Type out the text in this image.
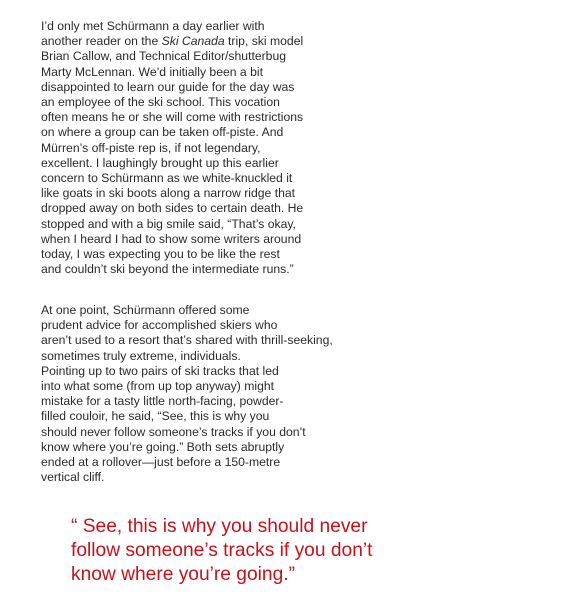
I’d only met Schürmann a day earlier with
another reader on the Ski Canada trip, ski model
Brian Callow, and Technical Editor/shutterbug
Marty McLennan. We’d initially been a bit
disappointed to learn our guide for the day was
an employee of the ski school. This vocation
often means he or she will come with restrictions
on where a group can be taken off-piste. And
Mürren’s off-piste rep is, if not legendary,
excellent. I laughingly brought up this earlier
concern to Schürmann as we white-knuckled it
like goats in ski boots along a narrow ridge that
dropped away on both sides to certain death. He
stopped and with a big smile said, “That’s okay,
when I heard I had to show some writers around
today, I was expecting you to be like the rest
and couldn’t ski beyond the intermediate runs.”

At one point, Schürmann offered some
prudent advice for accomplished skiers who
aren’t used to a resort that’s shared with thrill-seeking,
sometimes truly extreme, individuals.
Pointing up to two pairs of ski tracks that led
into what some (from up top anyway) might
mistake for a tasty little north-facing, powder-
filled couloir, he said, “See, this is why you
should never follow someone’s tracks if you don’t
know where you’re going.” Both sets abruptly
ended at a rollover—just before a 150-metre
vertical cliff.

“ See, this is why you should never
follow someone’s tracks if you don’t
know where you’re going.”
